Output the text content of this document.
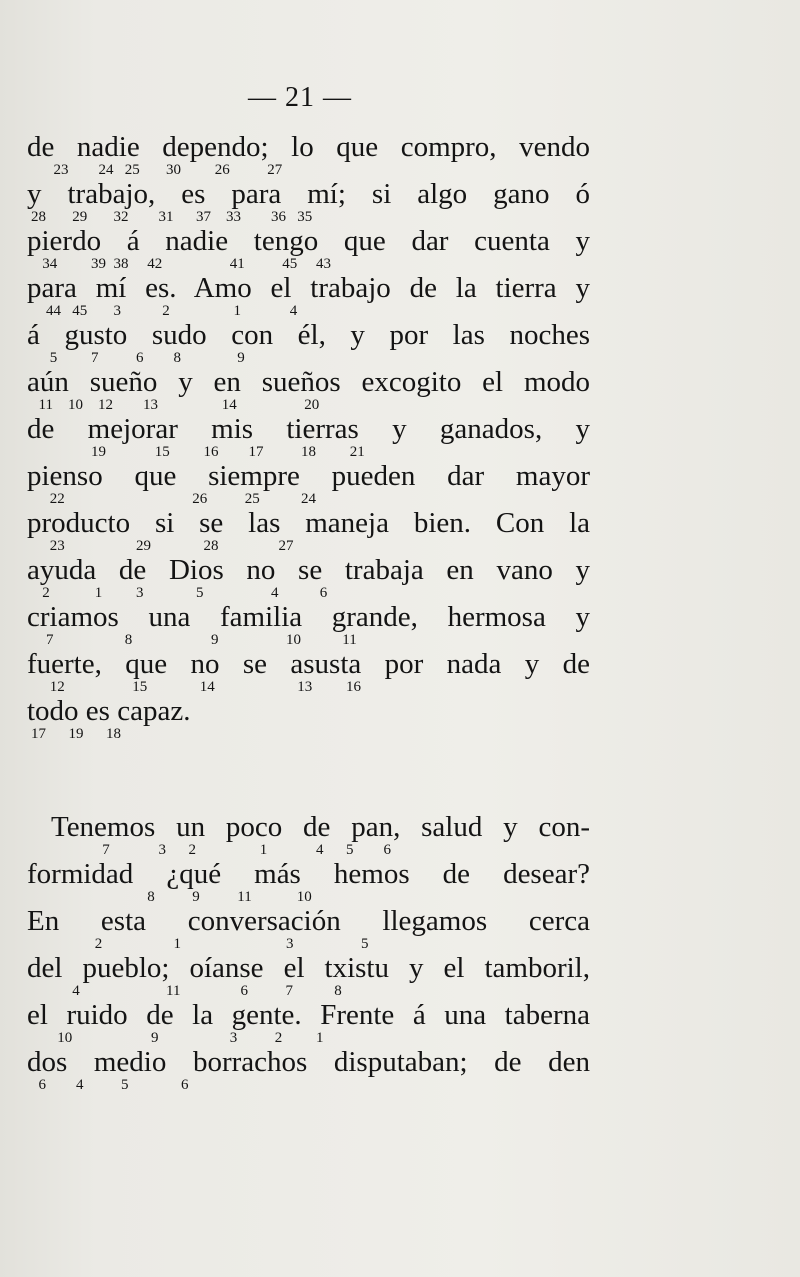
— 21 —
de nadie dependo; lo que compro, vendo
23        24   25       30         26          27
y trabajo, es para mí; si algo gano ó
28       29       32        31      37    33        36   35
pierdo á nadie tengo que dar cuenta y
34         39  38     42                  41          45     43
para mí es. Amo el trabajo de la tierra y
44   45       3           2                 1             4
á gusto sudo con él, y por las noches
5         7          6        8               9
aún sueño y en sueños excogito el modo
11    10    12        13                 14                  20
de mejorar mis tierras y ganados, y
19             15         16        17          18         21
pienso que siempre pueden dar mayor
22                                  26          25           24
producto si se las maneja bien. Con la
23                   29              28                27
ayuda de Dios no se trabaja en vano y
2            1         3              5                  4           6
criamos una familia grande, hermosa y
7                   8                     9                  10           11
fuerte, que no se asusta por nada y de
12                  15              14                      13         16
todo es capaz.
17      19      18
Tenemos un poco de pan, salud y con-
7             3      2                 1             4      5        6
formidad ¿qué más hemos de desear?
8          9          11            10
En esta conversación llegamos cerca
2                   1                            3                  5
del pueblo; oíanse el txistu y el tamboril,
4                       11                6          7           8
el ruido de la gente. Frente á una taberna
10                     9                   3          2         1
dos medio borrachos disputaban; de den
6        4          5              6
